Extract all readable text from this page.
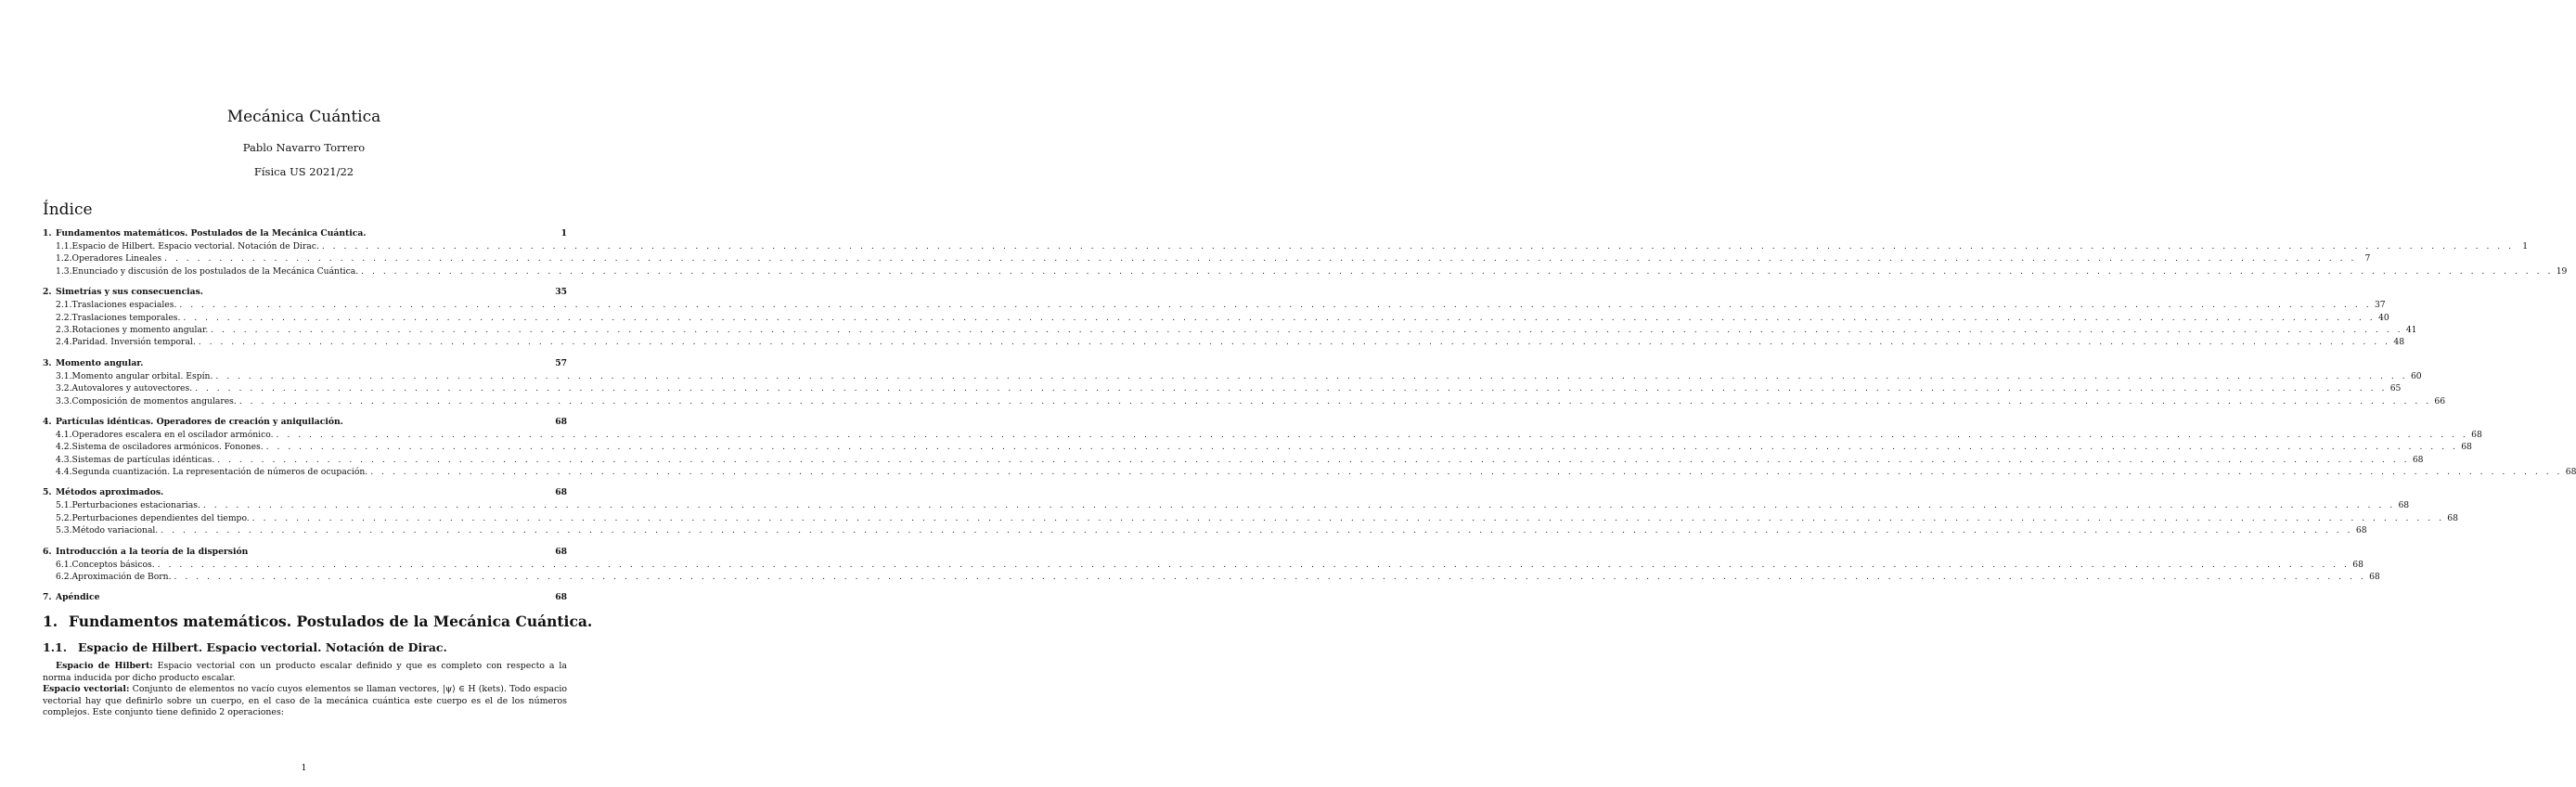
Mecánica Cuántica
Pablo Navarro Torrero
Física US 2021/22
Índice
1. Fundamentos matemáticos. Postulados de la Mecánica Cuántica.	1
1.1. Espacio de Hilbert. Espacio vectorial. Notación de Dirac. . . . . . . . . . . . . . . . . . . . . . . . . . . . . . . . . . . . . . . . . . . . . . . . . . . . . . . . . . . . . . . . . . . . . . . . . . . . . . . . . . . . . . . . . . . . . . . . . . . . . . . . . . . . . . . . . . . . . . . . . . . . . . . . . . . . . . . . . . . . . . . . . . . . . . . . . . . . . . . . . . . . . . . . . . . . . . . . . . . . . . . . . . . . . . . . . . . . . . . . . 1
1.2. Operadores Lineales . . . . . . . . . . . . . . . . . . . . . . . . . . . . . . . . . . . . . . . . . . . . . . . . . . . . . . . . . . . . . . . . . . . . . . . . . . . . . . . . . . . . . . . . . . . . . . . . . . . . . . . . . . . . . . . . . . . . . . . . . . . . . . . . . . . . . . . . . . . . . . . . . . . . . . . . . . . . . . . . . . . . . . . . . . . . . . . . . . . . . . . . . . . . . . . . . . . . . . . . 7
1.3. Enunciado y discusión de los postulados de la Mecánica Cuántica. . . . . . . . . . . . . . . . . . . . . . . . . . . . . . . . . . . . . . . . . . . . . . . . . . . . . . . . . . . . . . . . . . . . . . . . . . . . . . . . . . . . . . . . . . . . . . . . . . . . . . . . . . . . . . . . . . . . . . . . . . . . . . . . . . . . . . . . . . . . . . . . . . . . . . . . . . . . . . . . . . . . . . . . . . . . . . . . . . . . . . . . . . . . . . . . . . . . . . . . . 19
2. Simetrías y sus consecuencias.	35
2.1. Traslaciones espaciales. . . . . . . . . . . . . . . . . . . . . . . . . . . . . . . . . . . . . . . . . . . . . . . . . . . . . . . . . . . . . . . . . . . . . . . . . . . . . . . . . . . . . . . . . . . . . . . . . . . . . . . . . . . . . . . . . . . . . . . . . . . . . . . . . . . . . . . . . . . . . . . . . . . . . . . . . . . . . . . . . . . . . . . . . . . . . . . . . . . . . . . . . . . . . . . . . . . . . . . . . 37
2.2. Traslaciones temporales. . . . . . . . . . . . . . . . . . . . . . . . . . . . . . . . . . . . . . . . . . . . . . . . . . . . . . . . . . . . . . . . . . . . . . . . . . . . . . . . . . . . . . . . . . . . . . . . . . . . . . . . . . . . . . . . . . . . . . . . . . . . . . . . . . . . . . . . . . . . . . . . . . . . . . . . . . . . . . . . . . . . . . . . . . . . . . . . . . . . . . . . . . . . . . . . . . . . . . . . . 40
2.3. Rotaciones y momento angular. . . . . . . . . . . . . . . . . . . . . . . . . . . . . . . . . . . . . . . . . . . . . . . . . . . . . . . . . . . . . . . . . . . . . . . . . . . . . . . . . . . . . . . . . . . . . . . . . . . . . . . . . . . . . . . . . . . . . . . . . . . . . . . . . . . . . . . . . . . . . . . . . . . . . . . . . . . . . . . . . . . . . . . . . . . . . . . . . . . . . . . . . . . . . . . . . . . . . . . . . 41
2.4. Paridad. Inversión temporal. . . . . . . . . . . . . . . . . . . . . . . . . . . . . . . . . . . . . . . . . . . . . . . . . . . . . . . . . . . . . . . . . . . . . . . . . . . . . . . . . . . . . . . . . . . . . . . . . . . . . . . . . . . . . . . . . . . . . . . . . . . . . . . . . . . . . . . . . . . . . . . . . . . . . . . . . . . . . . . . . . . . . . . . . . . . . . . . . . . . . . . . . . . . . . . . . . . . . . . . . 48
3. Momento angular.	57
3.1. Momento angular orbital. Espín. . . . . . . . . . . . . . . . . . . . . . . . . . . . . . . . . . . . . . . . . . . . . . . . . . . . . . . . . . . . . . . . . . . . . . . . . . . . . . . . . . . . . . . . . . . . . . . . . . . . . . . . . . . . . . . . . . . . . . . . . . . . . . . . . . . . . . . . . . . . . . . . . . . . . . . . . . . . . . . . . . . . . . . . . . . . . . . . . . . . . . . . . . . . . . . . . . . . . . . . . 60
3.2. Autovalores y autovectores. . . . . . . . . . . . . . . . . . . . . . . . . . . . . . . . . . . . . . . . . . . . . . . . . . . . . . . . . . . . . . . . . . . . . . . . . . . . . . . . . . . . . . . . . . . . . . . . . . . . . . . . . . . . . . . . . . . . . . . . . . . . . . . . . . . . . . . . . . . . . . . . . . . . . . . . . . . . . . . . . . . . . . . . . . . . . . . . . . . . . . . . . . . . . . . . . . . . . . . . . 65
3.3. Composición de momentos angulares. . . . . . . . . . . . . . . . . . . . . . . . . . . . . . . . . . . . . . . . . . . . . . . . . . . . . . . . . . . . . . . . . . . . . . . . . . . . . . . . . . . . . . . . . . . . . . . . . . . . . . . . . . . . . . . . . . . . . . . . . . . . . . . . . . . . . . . . . . . . . . . . . . . . . . . . . . . . . . . . . . . . . . . . . . . . . . . . . . . . . . . . . . . . . . . . . . . . . . . . . 66
4. Partículas idénticas. Operadores de creación y aniquilación.	68
4.1. Operadores escalera en el oscilador armónico. . . . . . . . . . . . . . . . . . . . . . . . . . . . . . . . . . . . . . . . . . . . . . . . . . . . . . . . . . . . . . . . . . . . . . . . . . . . . . . . . . . . . . . . . . . . . . . . . . . . . . . . . . . . . . . . . . . . . . . . . . . . . . . . . . . . . . . . . . . . . . . . . . . . . . . . . . . . . . . . . . . . . . . . . . . . . . . . . . . . . . . . . . . . . . . . . . . . . . . . . 68
4.2. Sistema de osciladores armónicos. Fonones. . . . . . . . . . . . . . . . . . . . . . . . . . . . . . . . . . . . . . . . . . . . . . . . . . . . . . . . . . . . . . . . . . . . . . . . . . . . . . . . . . . . . . . . . . . . . . . . . . . . . . . . . . . . . . . . . . . . . . . . . . . . . . . . . . . . . . . . . . . . . . . . . . . . . . . . . . . . . . . . . . . . . . . . . . . . . . . . . . . . . . . . . . . . . . . . . . . . . . . . . 68
4.3. Sistemas de partículas idénticas. . . . . . . . . . . . . . . . . . . . . . . . . . . . . . . . . . . . . . . . . . . . . . . . . . . . . . . . . . . . . . . . . . . . . . . . . . . . . . . . . . . . . . . . . . . . . . . . . . . . . . . . . . . . . . . . . . . . . . . . . . . . . . . . . . . . . . . . . . . . . . . . . . . . . . . . . . . . . . . . . . . . . . . . . . . . . . . . . . . . . . . . . . . . . . . . . . . . . . . . . 68
4.4. Segunda cuantización. La representación de números de ocupación. . . . . . . . . . . . . . . . . . . . . . . . . . . . . . . . . . . . . . . . . . . . . . . . . . . . . . . . . . . . . . . . . . . . . . . . . . . . . . . . . . . . . . . . . . . . . . . . . . . . . . . . . . . . . . . . . . . . . . . . . . . . . . . . . . . . . . . . . . . . . . . . . . . . . . . . . . . . . . . . . . . . . . . . . . . . . . . . . . . . . . . . . . . . . . . . . . . . . . . . . 68
5. Métodos aproximados.	68
5.1. Perturbaciones estacionarias. . . . . . . . . . . . . . . . . . . . . . . . . . . . . . . . . . . . . . . . . . . . . . . . . . . . . . . . . . . . . . . . . . . . . . . . . . . . . . . . . . . . . . . . . . . . . . . . . . . . . . . . . . . . . . . . . . . . . . . . . . . . . . . . . . . . . . . . . . . . . . . . . . . . . . . . . . . . . . . . . . . . . . . . . . . . . . . . . . . . . . . . . . . . . . . . . . . . . . . . . 68
5.2. Perturbaciones dependientes del tiempo. . . . . . . . . . . . . . . . . . . . . . . . . . . . . . . . . . . . . . . . . . . . . . . . . . . . . . . . . . . . . . . . . . . . . . . . . . . . . . . . . . . . . . . . . . . . . . . . . . . . . . . . . . . . . . . . . . . . . . . . . . . . . . . . . . . . . . . . . . . . . . . . . . . . . . . . . . . . . . . . . . . . . . . . . . . . . . . . . . . . . . . . . . . . . . . . . . . . . . . . . 68
5.3. Método variacional. . . . . . . . . . . . . . . . . . . . . . . . . . . . . . . . . . . . . . . . . . . . . . . . . . . . . . . . . . . . . . . . . . . . . . . . . . . . . . . . . . . . . . . . . . . . . . . . . . . . . . . . . . . . . . . . . . . . . . . . . . . . . . . . . . . . . . . . . . . . . . . . . . . . . . . . . . . . . . . . . . . . . . . . . . . . . . . . . . . . . . . . . . . . . . . . . . . . . . . . . 68
6. Introducción a la teoría de la dispersión	68
6.1. Conceptos básicos. . . . . . . . . . . . . . . . . . . . . . . . . . . . . . . . . . . . . . . . . . . . . . . . . . . . . . . . . . . . . . . . . . . . . . . . . . . . . . . . . . . . . . . . . . . . . . . . . . . . . . . . . . . . . . . . . . . . . . . . . . . . . . . . . . . . . . . . . . . . . . . . . . . . . . . . . . . . . . . . . . . . . . . . . . . . . . . . . . . . . . . . . . . . . . . . . . . . . . . . . 68
6.2. Aproximación de Born. . . . . . . . . . . . . . . . . . . . . . . . . . . . . . . . . . . . . . . . . . . . . . . . . . . . . . . . . . . . . . . . . . . . . . . . . . . . . . . . . . . . . . . . . . . . . . . . . . . . . . . . . . . . . . . . . . . . . . . . . . . . . . . . . . . . . . . . . . . . . . . . . . . . . . . . . . . . . . . . . . . . . . . . . . . . . . . . . . . . . . . . . . . . . . . . . . . . . . . . . 68
7. Apéndice	68
1. Fundamentos matemáticos. Postulados de la Mecánica Cuántica.
1.1. Espacio de Hilbert. Espacio vectorial. Notación de Dirac.

Espacio de Hilbert: Espacio vectorial con un producto escalar definido y que es completo con respecto a la norma inducida por dicho producto escalar.

Espacio vectorial: Conjunto de elementos no vacío cuyos elementos se llaman vectores, |ψ⟩ ∈ H (kets). Todo espacio vectorial hay que definirlo sobre un cuerpo, en el caso de la mecánica cuántica este cuerpo es el de los números complejos. Este conjunto tiene definido 2 operaciones:

1
